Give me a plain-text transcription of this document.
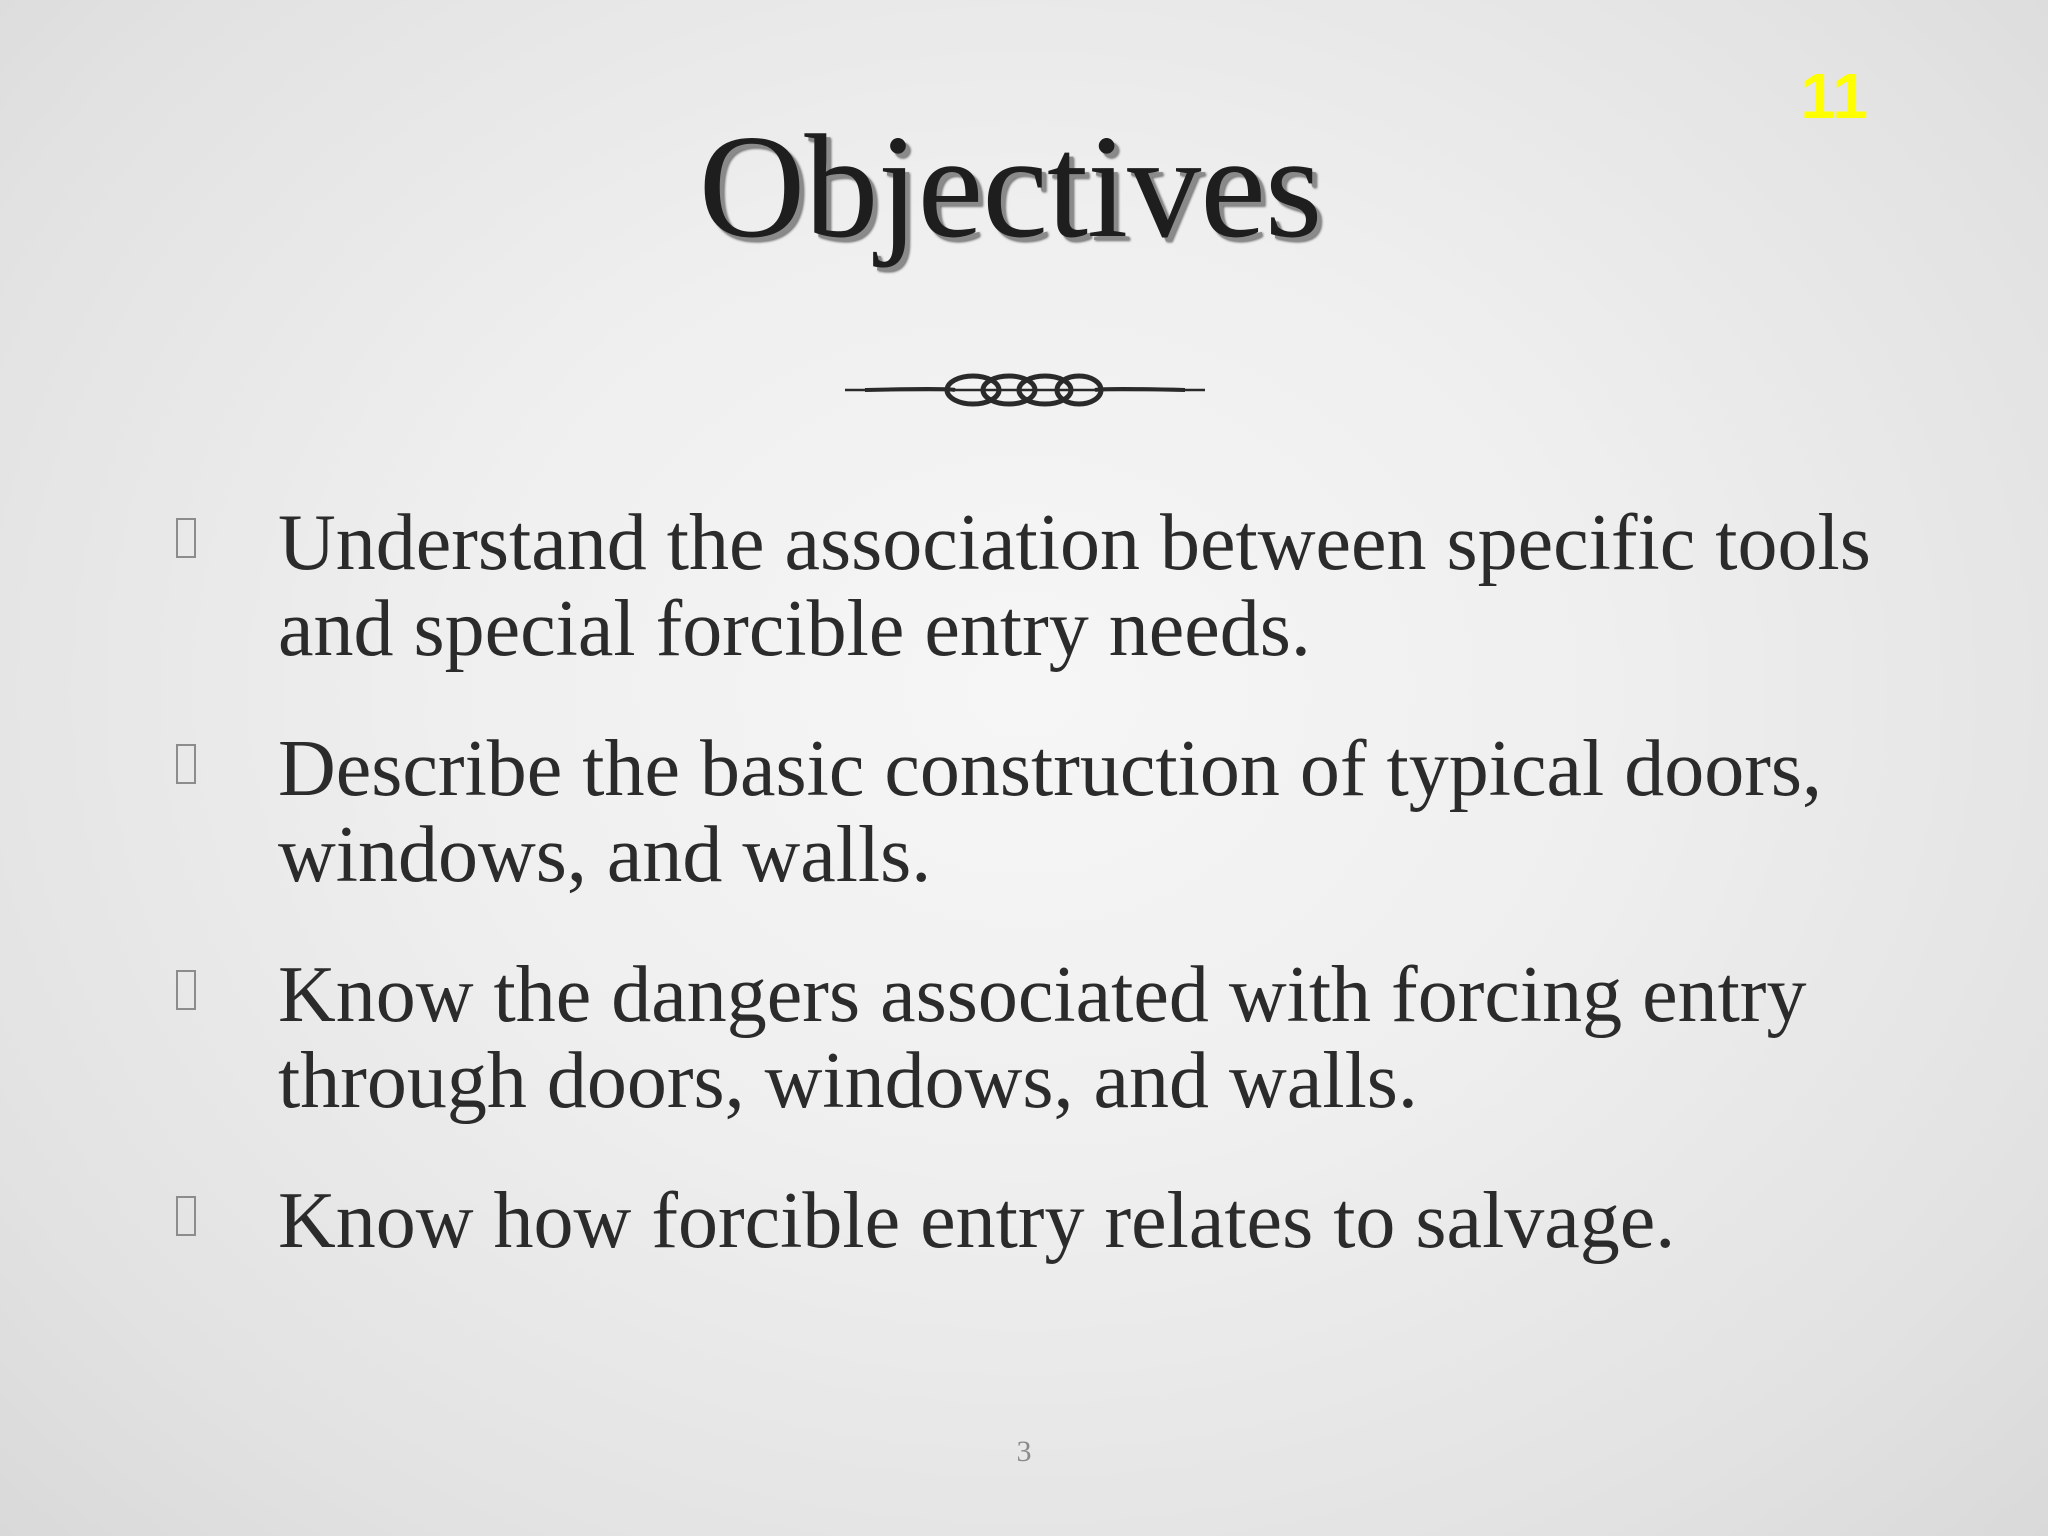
11
Objectives
Understand the association between specific tools and special forcible entry needs.
Describe the basic construction of typical doors, windows, and walls.
Know the dangers associated with forcing entry through doors, windows, and walls.
Know how forcible entry relates to salvage.
3
